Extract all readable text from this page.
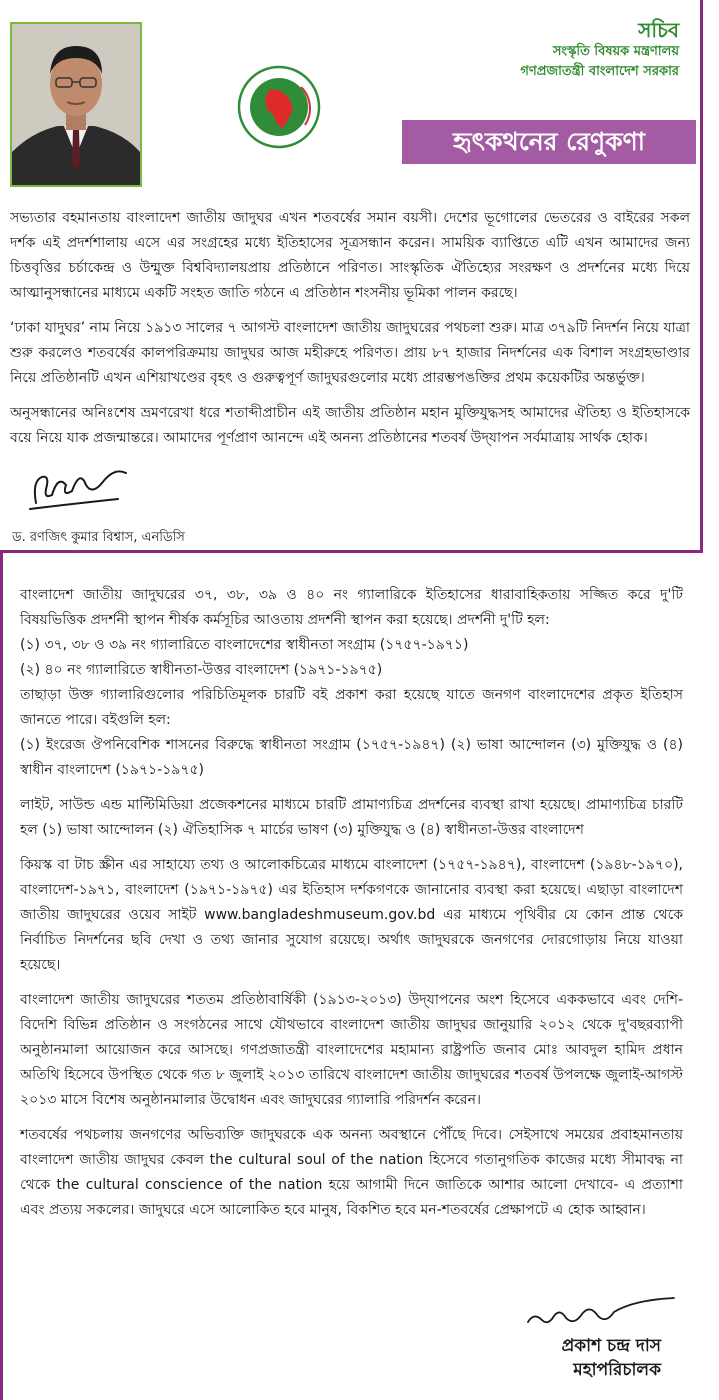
সচিব
সংস্কৃতি বিষয়ক মন্ত্রণালয়
গণপ্রজাতন্ত্রী বাংলাদেশ সরকার
হৃৎকথনের রেণুকণা

সভ্যতার বহমানতায় বাংলাদেশ জাতীয় জাদুঘর এখন শতবর্ষের সমান বয়সী। দেশের ভূগোলের ভেতরের ও বাইরের সকল দর্শক এই প্রদর্শশালায় এসে এর সংগ্রহের মধ্যে ইতিহাসের সূত্রসন্ধান করেন। সাময়িক ব্যাপ্তিতে এটি এখন আমাদের জন্য চিত্তবৃত্তির চর্চাকেন্দ্র ও উন্মুক্ত বিশ্ববিদ্যালয়প্রায় প্রতিষ্ঠানে পরিণত। সাংস্কৃতিক ঐতিহ্যের সংরক্ষণ ও প্রদর্শনের মধ্যে দিয়ে আত্মানুসন্ধানের মাধ্যমে একটি সংহত জাতি গঠনে এ প্রতিষ্ঠান শংসনীয় ভূমিকা পালন করছে।

‘ঢাকা যাদুঘর’ নাম নিয়ে ১৯১৩ সালের ৭ আগস্ট বাংলাদেশ জাতীয় জাদুঘরের পথচলা শুরু। মাত্র ৩৭৯টি নিদর্শন নিয়ে যাত্রা শুরু করলেও শতবর্ষের কালপরিক্রমায় জাদুঘর আজ মহীরুহে পরিণত। প্রায় ৮৭ হাজার নিদর্শনের এক বিশাল সংগ্রহভাণ্ডার নিয়ে প্রতিষ্ঠানটি এখন এশিয়াখণ্ডের বৃহৎ ও গুরুত্বপূর্ণ জাদুঘরগুলোর মধ্যে প্রারম্ভপঙক্তির প্রথম কয়েকটির অন্তর্ভুক্ত।

অনুসন্ধানের অনিঃশেষ ভ্রমণরেখা ধরে শতাব্দীপ্রাচীন এই জাতীয় প্রতিষ্ঠান মহান মুক্তিযুদ্ধসহ আমাদের ঐতিহ্য ও ইতিহাসকে বয়ে নিয়ে যাক প্রজন্মান্তরে। আমাদের পূর্ণপ্রাণ আনন্দে এই অনন্য প্রতিষ্ঠানের শতবর্ষ উদ্‌যাপন সর্বমাত্রায় সার্থক হোক।

ড. রণজিৎ কুমার বিশ্বাস, এনডিসি

বাংলাদেশ জাতীয় জাদুঘরের ৩৭, ৩৮, ৩৯ ও ৪০ নং গ্যালারিকে ইতিহাসের ধারাবাহিকতায় সজ্জিত করে দু'টি বিষয়ভিত্তিক প্রদর্শনী স্থাপন শীর্ষক কর্মসূচির আওতায় প্রদর্শনী স্থাপন করা হয়েছে। প্রদর্শনী দু'টি হল:

(১) ৩৭, ৩৮ ও ৩৯ নং গ্যালারিতে বাংলাদেশের স্বাধীনতা সংগ্রাম (১৭৫৭-১৯৭১)

(২) ৪০ নং গ্যালারিতে স্বাধীনতা-উত্তর বাংলাদেশ (১৯৭১-১৯৭৫)

তাছাড়া উক্ত গ্যালারিগুলোর পরিচিতিমূলক চারটি বই প্রকাশ করা হয়েছে যাতে জনগণ বাংলাদেশের প্রকৃত ইতিহাস জানতে পারে। বইগুলি হল:

(১) ইংরেজ ঔপনিবেশিক শাসনের বিরুদ্ধে স্বাধীনতা সংগ্রাম (১৭৫৭-১৯৪৭) (২) ভাষা আন্দোলন (৩) মুক্তিযুদ্ধ ও (৪) স্বাধীন বাংলাদেশ (১৯৭১-১৯৭৫)

লাইট, সাউন্ড এন্ড মাল্টিমিডিয়া প্রজেকশনের মাধ্যমে চারটি প্রামাণ্যচিত্র প্রদর্শনের ব্যবস্থা রাখা হয়েছে। প্রামাণ্যচিত্র চারটি হল (১) ভাষা আন্দোলন (২) ঐতিহাসিক ৭ মার্চের ভাষণ (৩) মুক্তিযুদ্ধ ও (৪) স্বাধীনতা-উত্তর বাংলাদেশ

কিয়স্ক বা টাচ স্ক্রীন এর সাহায্যে তথ্য ও আলোকচিত্রের মাধ্যমে বাংলাদেশ (১৭৫৭-১৯৪৭), বাংলাদেশ (১৯৪৮-১৯৭০), বাংলাদেশ-১৯৭১, বাংলাদেশ (১৯৭১-১৯৭৫) এর ইতিহাস দর্শকগণকে জানানোর ব্যবস্থা করা হয়েছে। এছাড়া বাংলাদেশ জাতীয় জাদুঘরের ওয়েব সাইট www.bangladeshmuseum.gov.bd এর মাধ্যমে পৃথিবীর যে কোন প্রান্ত থেকে নির্বাচিত নিদর্শনের ছবি দেখা ও তথ্য জানার সুযোগ রয়েছে। অর্থাৎ জাদুঘরকে জনগণের দোরগোড়ায় নিয়ে যাওয়া হয়েছে।

বাংলাদেশ জাতীয় জাদুঘরের শততম প্রতিষ্ঠাবার্ষিকী (১৯১৩-২০১৩) উদ্‌যাপনের অংশ হিসেবে এককভাবে এবং দেশি-বিদেশি বিভিন্ন প্রতিষ্ঠান ও সংগঠনের সাথে যৌথভাবে বাংলাদেশ জাতীয় জাদুঘর জানুয়ারি ২০১২ থেকে দু'বছরব্যাপী অনুষ্ঠানমালা আয়োজন করে আসছে। গণপ্রজাতন্ত্রী বাংলাদেশের মহামান্য রাষ্ট্রপতি জনাব মোঃ আবদুল হামিদ প্রধান অতিথি হিসেবে উপস্থিত থেকে গত ৮ জুলাই ২০১৩ তারিখে বাংলাদেশ জাতীয় জাদুঘরের শতবর্ষ উপলক্ষে জুলাই-আগস্ট ২০১৩ মাসে বিশেষ অনুষ্ঠানমালার উদ্বোধন এবং জাদুঘরের গ্যালারি পরিদর্শন করেন।

শতবর্ষের পথচলায় জনগণের অভিব্যক্তি জাদুঘরকে এক অনন্য অবস্থানে পৌঁছে দিবে। সেইসাথে সময়ের প্রবাহমানতায় বাংলাদেশ জাতীয় জাদুঘর কেবল the cultural soul of the nation হিসেবে গতানুগতিক কাজের মধ্যে সীমাবদ্ধ না থেকে the cultural conscience of the nation হয়ে আগামী দিনে জাতিকে আশার আলো দেখাবে- এ প্রত্যাশা এবং প্রত্যয় সকলের। জাদুঘরে এসে আলোকিত হবে মানুষ, বিকশিত হবে মন-শতবর্ষের প্রেক্ষাপটে এ হোক আহ্বান।

প্রকাশ চন্দ্র দাস
মহাপরিচালক
